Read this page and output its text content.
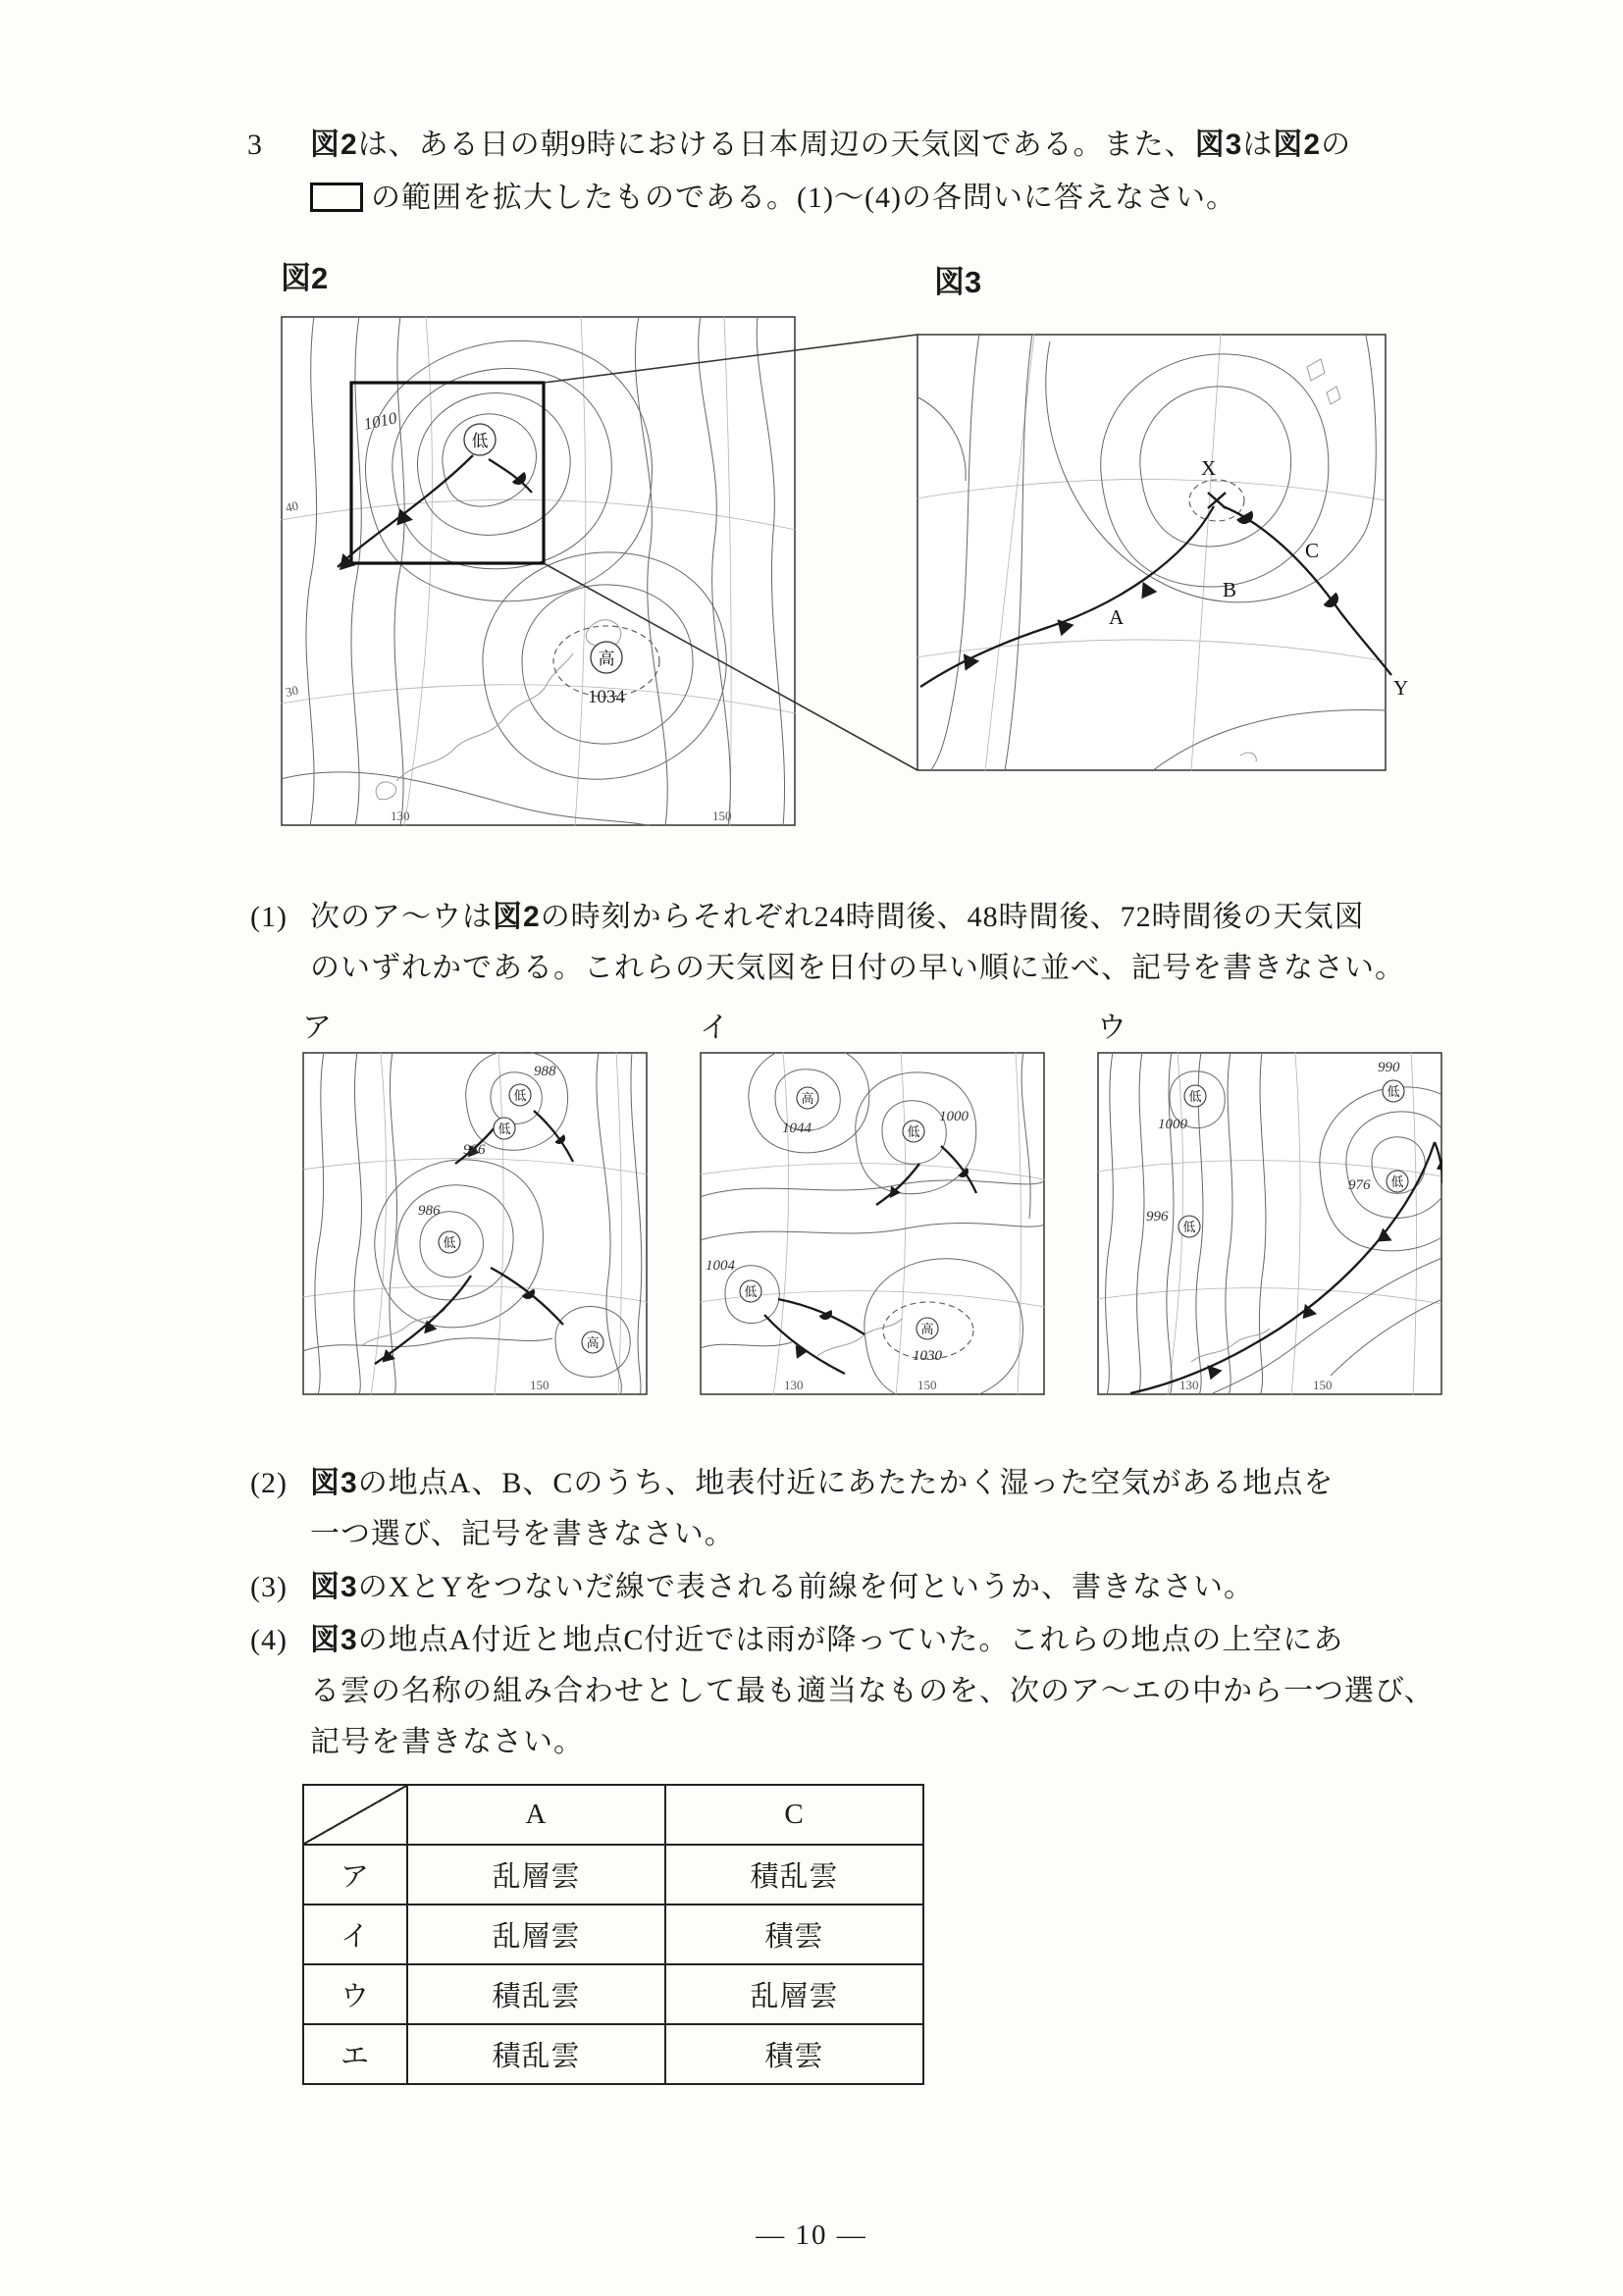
3 図2は、ある日の朝9時における日本周辺の天気図である。また、図3は図2の
の範囲を拡大したものである。(1)〜(4)の各問いに答えなさい。
図2	図3
1010
低
高
1034
40
30
130	150
X
A
B
C
Y
(1) 次のア〜ウは図2の時刻からそれぞれ24時間後、48時間後、72時間後の天気図
のいずれかである。これらの天気図を日付の早い順に並べ、記号を書きなさい。
ア	イ	ウ
988
低
低
986
986
低
高
150
高
1044	低
1000
低
1004
高
1030
130	150
低
1000
990
低
976 低
996
低
130	150
(2) 図3の地点A、B、Cのうち、地表付近にあたたかく湿った空気がある地点を
一つ選び、記号を書きなさい。
(3) 図3のXとYをつないだ線で表される前線を何というか、書きなさい。
(4) 図3の地点A付近と地点C付近では雨が降っていた。これらの地点の上空にあ
る雲の名称の組み合わせとして最も適当なものを、次のア〜エの中から一つ選び、
記号を書きなさい。
	A	C
ア	乱層雲	積乱雲
イ	乱層雲	積雲
ウ	積乱雲	乱層雲
エ	積乱雲	積雲
— 10 —
